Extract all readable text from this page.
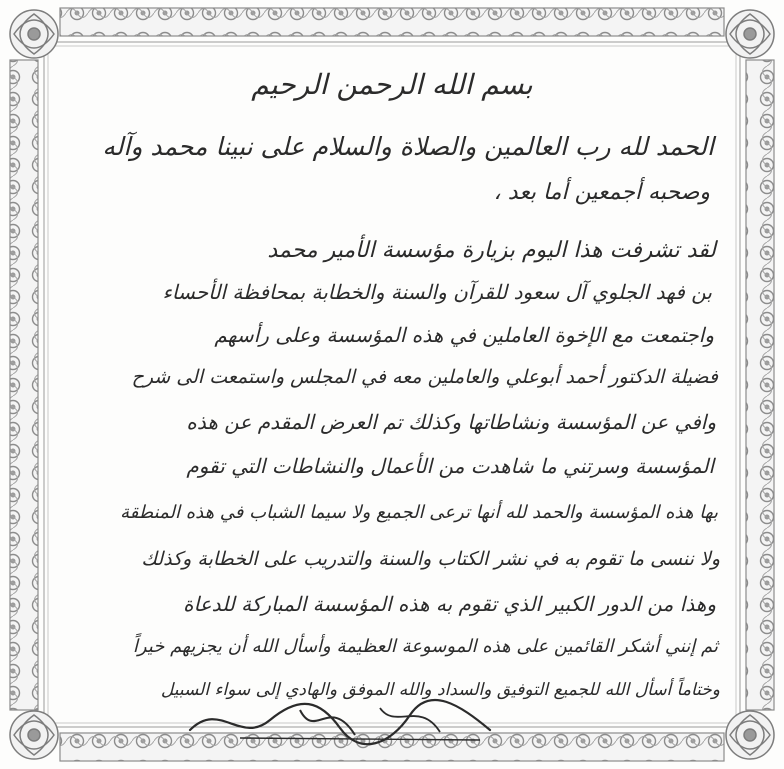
بسم الله الرحمن الرحيم
الحمد لله رب العالمين والصلاة والسلام على نبينا محمد وآله
وصحبه أجمعين أما بعد ،
لقد تشرفت هذا اليوم بزيارة مؤسسة الأمير محمد
بن فهد الجلوي آل سعود للقرآن والسنة والخطابة بمحافظة الأحساء
واجتمعت مع الإخوة العاملين في هذه المؤسسة وعلى رأسهم
فضيلة الدكتور أحمد أبوعلي والعاملين معه في المجلس واستمعت الى شرح
وافي عن المؤسسة ونشاطاتها وكذلك تم العرض المقدم عن هذه
المؤسسة وسرتني ما شاهدت من الأعمال والنشاطات التي تقوم
بها هذه المؤسسة والحمد لله أنها ترعى الجميع ولا سيما الشباب في هذه المنطقة
ولا ننسى ما تقوم به في نشر الكتاب والسنة والتدريب على الخطابة وكذلك
وهذا من الدور الكبير الذي تقوم به هذه المؤسسة المباركة للدعاة
ثم إنني أشكر القائمين على هذه الموسوعة العظيمة وأسأل الله أن يجزيهم خيراً
وختاماً أسأل الله للجميع التوفيق والسداد والله الموفق والهادي إلى سواء السبيل
